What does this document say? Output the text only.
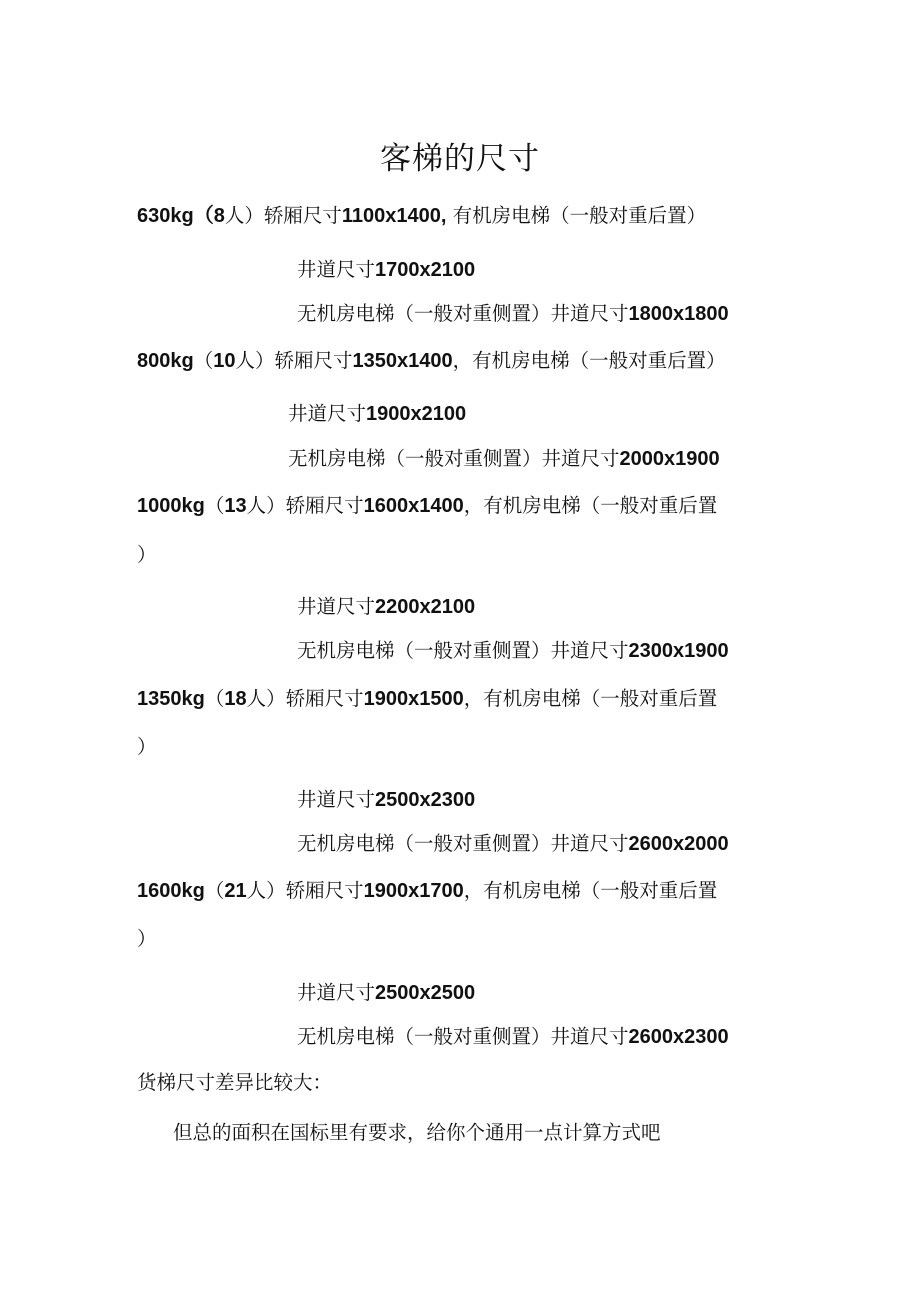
客梯的尺寸
630kg（8人）轿厢尺寸1100x1400, 有机房电梯（一般对重后置）
井道尺寸1700x2100
无机房电梯（一般对重侧置）井道尺寸1800x1800
800kg（10人）轿厢尺寸1350x1400，有机房电梯（一般对重后置）
井道尺寸1900x2100
无机房电梯（一般对重侧置）井道尺寸2000x1900
1000kg（13人）轿厢尺寸1600x1400，有机房电梯（一般对重后置
）
井道尺寸2200x2100
无机房电梯（一般对重侧置）井道尺寸2300x1900
1350kg（18人）轿厢尺寸1900x1500，有机房电梯（一般对重后置
）
井道尺寸2500x2300
无机房电梯（一般对重侧置）井道尺寸2600x2000
1600kg（21人）轿厢尺寸1900x1700，有机房电梯（一般对重后置
）
井道尺寸2500x2500
无机房电梯（一般对重侧置）井道尺寸2600x2300
货梯尺寸差异比较大：
但总的面积在国标里有要求，给你个通用一点计算方式吧
